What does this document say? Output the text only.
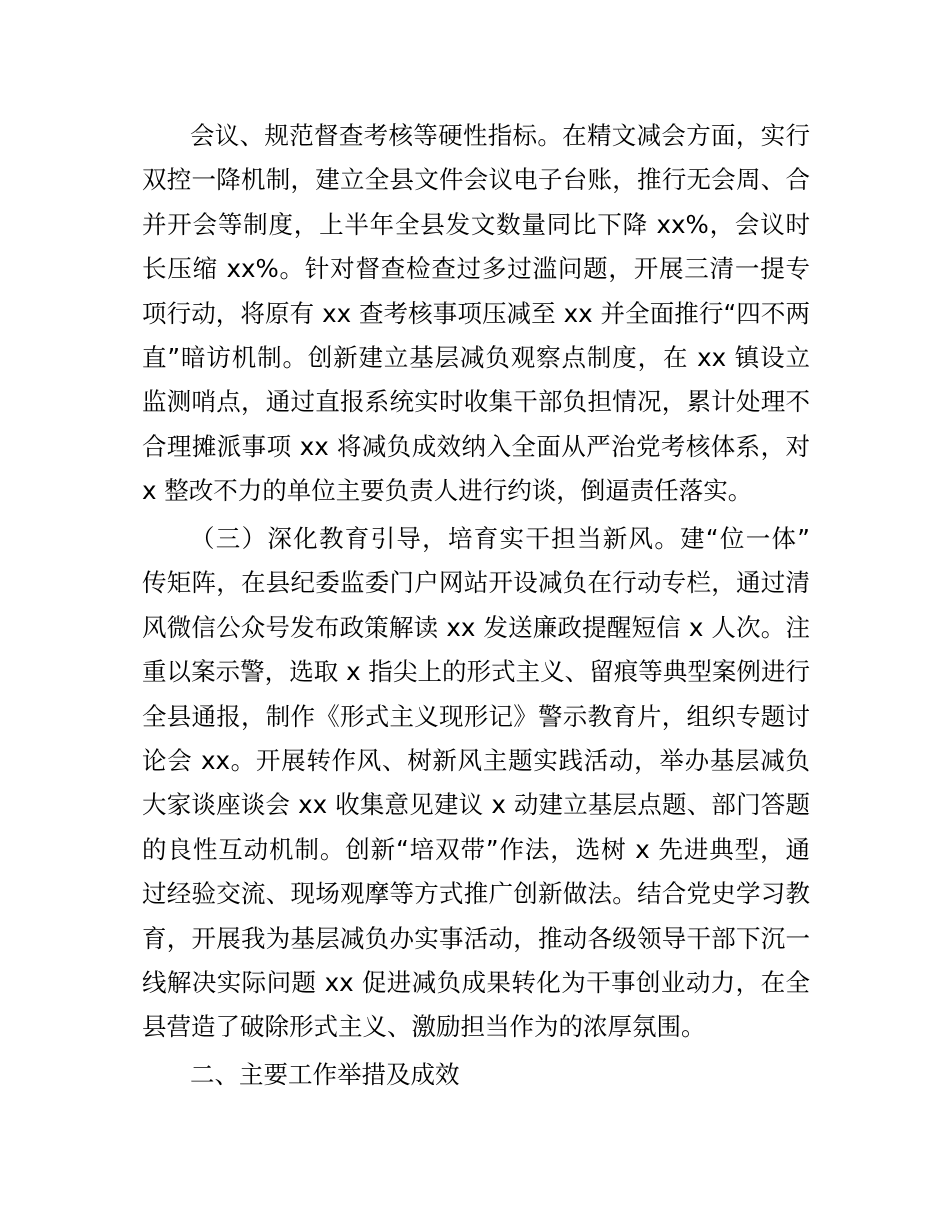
会议、规范督查考核等硬性指标。在精文减会方面，实行
双控一降机制，建立全县文件会议电子台账，推行无会周、合
并开会等制度，上半年全县发文数量同比下降 xx%，会议时
长压缩 xx%。针对督查检查过多过滥问题，开展三清一提专
项行动，将原有 xx 查考核事项压减至 xx 并全面推行“四不两
直”暗访机制。创新建立基层减负观察点制度，在 xx 镇设立
监测哨点，通过直报系统实时收集干部负担情况，累计处理不
合理摊派事项 xx 将减负成效纳入全面从严治党考核体系，对
x 整改不力的单位主要负责人进行约谈，倒逼责任落实。
（三）深化教育引导，培育实干担当新风。建“位一体”
传矩阵，在县纪委监委门户网站开设减负在行动专栏，通过清
风微信公众号发布政策解读 xx 发送廉政提醒短信 x 人次。注
重以案示警，选取 x 指尖上的形式主义、留痕等典型案例进行
全县通报，制作《形式主义现形记》警示教育片，组织专题讨
论会 xx。开展转作风、树新风主题实践活动，举办基层减负
大家谈座谈会 xx 收集意见建议 x 动建立基层点题、部门答题
的良性互动机制。创新“培双带”作法，选树 x 先进典型，通
过经验交流、现场观摩等方式推广创新做法。结合党史学习教
育，开展我为基层减负办实事活动，推动各级领导干部下沉一
线解决实际问题 xx 促进减负成果转化为干事创业动力，在全
县营造了破除形式主义、激励担当作为的浓厚氛围。
二、主要工作举措及成效
